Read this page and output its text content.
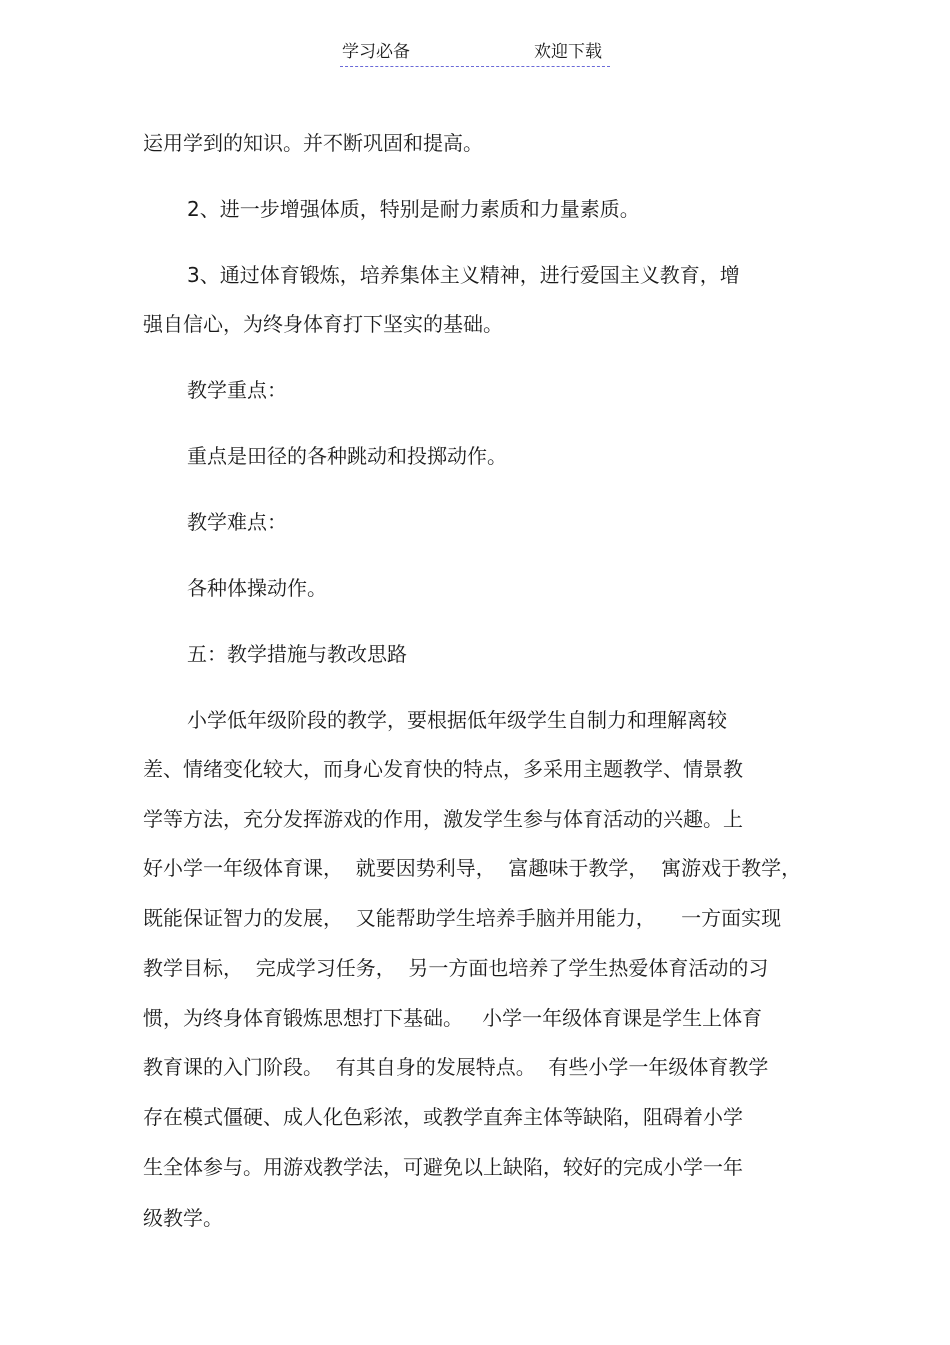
学习必备	欢迎下载
运用学到的知识。并不断巩固和提高。
2、进一步增强体质，特别是耐力素质和力量素质。
3、通过体育锻炼，培养集体主义精神，进行爱国主义教育，增
强自信心，为终身体育打下坚实的基础。
教学重点：
重点是田径的各种跳动和投掷动作。
教学难点：
各种体操动作。
五：教学措施与教改思路
小学低年级阶段的教学，要根据低年级学生自制力和理解离较
差、情绪变化较大，而身心发育快的特点，多采用主题教学、情景教
学等方法，充分发挥游戏的作用，激发学生参与体育活动的兴趣。上
好小学一年级体育课，  就要因势利导，  富趣味于教学，  寓游戏于教学，
既能保证智力的发展，  又能帮助学生培养手脑并用能力，    一方面实现
教学目标，  完成学习任务，  另一方面也培养了学生热爱体育活动的习
惯，为终身体育锻炼思想打下基础。   小学一年级体育课是学生上体育
教育课的入门阶段。  有其自身的发展特点。  有些小学一年级体育教学
存在模式僵硬、成人化色彩浓，或教学直奔主体等缺陷，阻碍着小学
生全体参与。用游戏教学法，可避免以上缺陷，较好的完成小学一年
级教学。
